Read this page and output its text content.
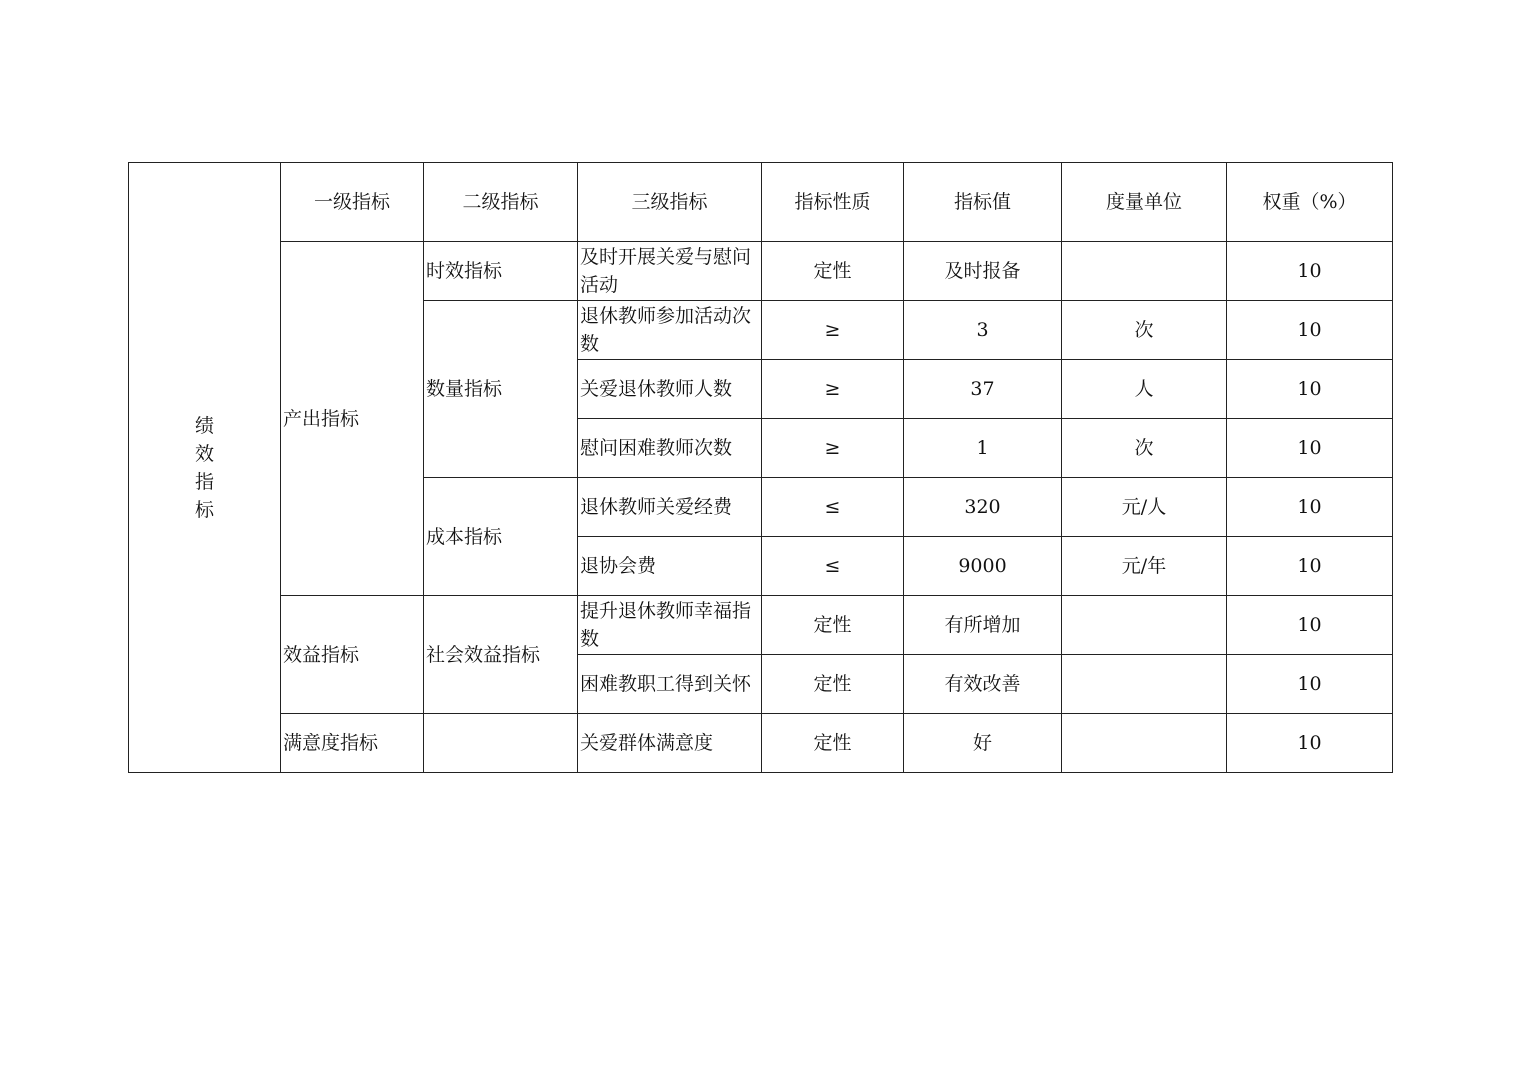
绩
效
指
标	一级指标	二级指标	三级指标	指标性质	指标值	度量单位	权重（%）
	产出指标	时效指标	及时开展关爱与慰问活动	定性	及时报备		10
		数量指标	退休教师参加活动次数	≥	3	次	10
			关爱退休教师人数	≥	37	人	10
			慰问困难教师次数	≥	1	次	10
		成本指标	退休教师关爱经费	≤	320	元/人	10
			退协会费	≤	9000	元/年	10
	效益指标	社会效益指标	提升退休教师幸福指数	定性	有所增加		10
			困难教职工得到关怀	定性	有效改善		10
	满意度指标		关爱群体满意度	定性	好		10
